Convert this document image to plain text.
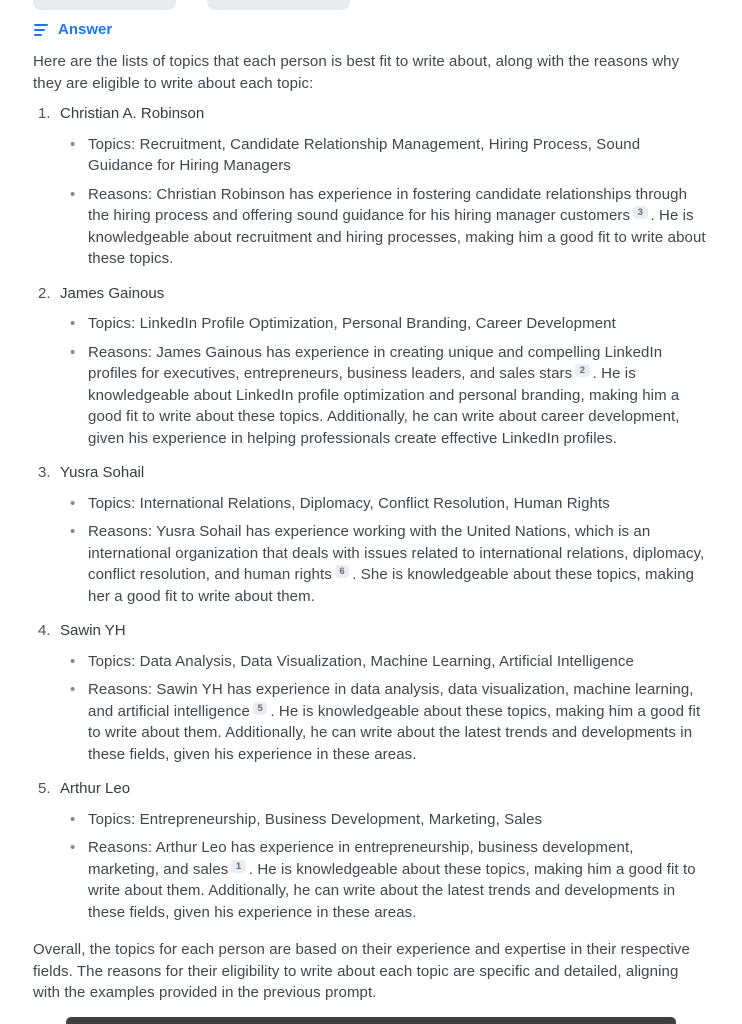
Answer

Here are the lists of topics that each person is best fit to write about, along with the reasons why they are eligible to write about each topic:

1. Christian A. Robinson
• Topics: Recruitment, Candidate Relationship Management, Hiring Process, Sound Guidance for Hiring Managers

• Reasons: Christian Robinson has experience in fostering candidate relationships through the hiring process and offering sound guidance for his hiring manager customers 3 . He is knowledgeable about recruitment and hiring processes, making him a good fit to write about these topics.

2. James Gainous
• Topics: LinkedIn Profile Optimization, Personal Branding, Career Development

• Reasons: James Gainous has experience in creating unique and compelling LinkedIn profiles for executives, entrepreneurs, business leaders, and sales stars 2 . He is knowledgeable about LinkedIn profile optimization and personal branding, making him a good fit to write about these topics. Additionally, he can write about career development, given his experience in helping professionals create effective LinkedIn profiles.

3. Yusra Sohail
• Topics: International Relations, Diplomacy, Conflict Resolution, Human Rights

• Reasons: Yusra Sohail has experience working with the United Nations, which is an international organization that deals with issues related to international relations, diplomacy, conflict resolution, and human rights 6 . She is knowledgeable about these topics, making her a good fit to write about them.

4. Sawin YH
• Topics: Data Analysis, Data Visualization, Machine Learning, Artificial Intelligence

• Reasons: Sawin YH has experience in data analysis, data visualization, machine learning, and artificial intelligence 5 . He is knowledgeable about these topics, making him a good fit to write about them. Additionally, he can write about the latest trends and developments in these fields, given his experience in these areas.

5. Arthur Leo
• Topics: Entrepreneurship, Business Development, Marketing, Sales

• Reasons: Arthur Leo has experience in entrepreneurship, business development, marketing, and sales 1 . He is knowledgeable about these topics, making him a good fit to write about them. Additionally, he can write about the latest trends and developments in these fields, given his experience in these areas.

Overall, the topics for each person are based on their experience and expertise in their respective fields. The reasons for their eligibility to write about each topic are specific and detailed, aligning with the examples provided in the previous prompt.
